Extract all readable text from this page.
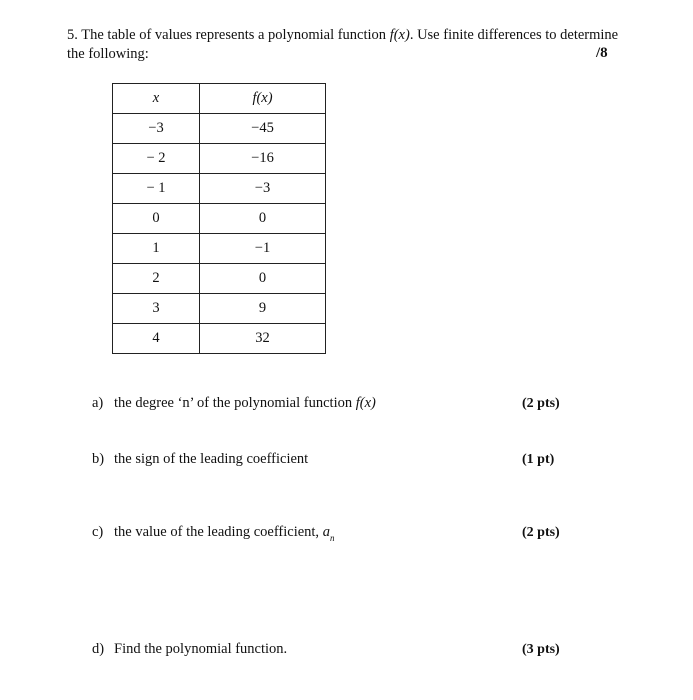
5. The table of values represents a polynomial function f(x). Use finite differences to determine the following:	/8
x	f(x)
−3	−45
− 2	−16
− 1	−3
0	0
1	−1
2	0
3	9
4	32
a) the degree ‘n’ of the polynomial function f(x)	(2 pts)
b) the sign of the leading coefficient	(1 pt)
c) the value of the leading coefficient, $a_n$	(2 pts)
d) Find the polynomial function.	(3 pts)
